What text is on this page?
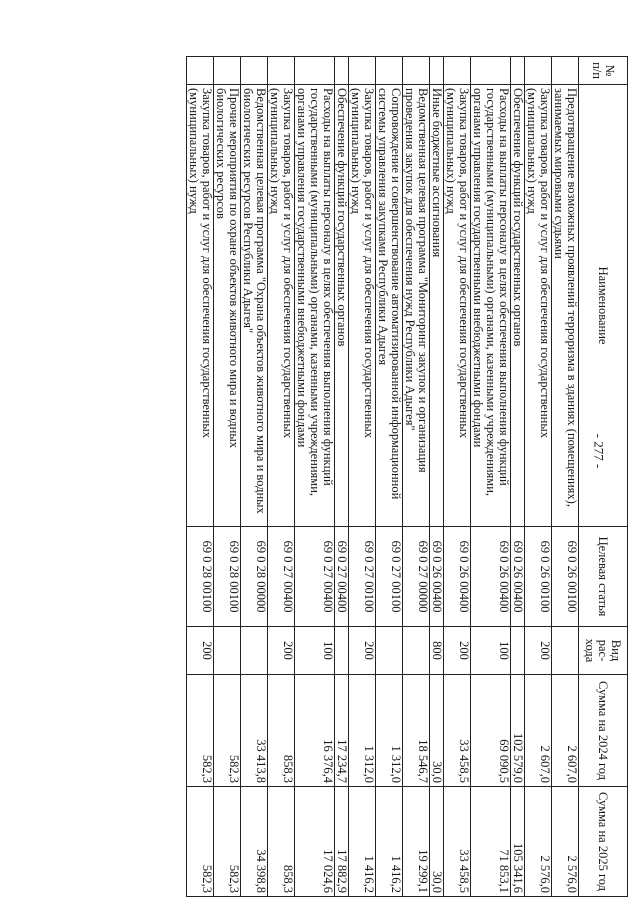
- 277 -
№ п/п	Наименование	Целевая статья	Вид рас-хода	Сумма на 2024 год	Сумма на 2025 год
	Предотвращение возможных проявлений терроризма в зданиях (помещениях), занимаемых мировыми судьями	69 0 26 00100		2 607,0	2 576,0
	Закупка товаров, работ и услуг для обеспечения государственных (муниципальных) нужд	69 0 26 00100	200	2 607,0	2 576,0
	Обеспечение функций государственных органов	69 0 26 00400		102 579,0	105 341,6
	Расходы на выплаты персоналу в целях обеспечения выполнения функций государственными (муниципальными) органами, казенными учреждениями, органами управления государственными внебюджетными фондами	69 0 26 00400	100	69 090,5	71 853,1
	Закупка товаров, работ и услуг для обеспечения государственных (муниципальных) нужд	69 0 26 00400	200	33 458,5	33 458,5
	Иные бюджетные ассигнования	69 0 26 00400	800	30,0	30,0
	Ведомственная целевая программа "Мониторинг закупок и организация проведения закупок для обеспечения нужд Республики Адыгея"	69 0 27 00000		18 546,7	19 299,1
	Сопровождение и совершенствование автоматизированной информационной системы управления закупками Республики Адыгея	69 0 27 00100		1 312,0	1 416,2
	Закупка товаров, работ и услуг для обеспечения государственных (муниципальных) нужд	69 0 27 00100	200	1 312,0	1 416,2
	Обеспечение функций государственных органов	69 0 27 00400		17 234,7	17 882,9
	Расходы на выплаты персоналу в целях обеспечения выполнения функций государственными (муниципальными) органами, казенными учреждениями, органами управления государственными внебюджетными фондами	69 0 27 00400	100	16 376,4	17 024,6
	Закупка товаров, работ и услуг для обеспечения государственных (муниципальных) нужд	69 0 27 00400	200	858,3	858,3
	Ведомственная целевая программа "Охрана объектов животного мира и водных биологических ресурсов Республики Адыгея"	69 0 28 00000		33 413,8	34 398,8
	Прочие мероприятия по охране объектов животного мира и водных биологических ресурсов	69 0 28 00100		582,3	582,3
	Закупка товаров, работ и услуг для обеспечения государственных (муниципальных) нужд	69 0 28 00100	200	582,3	582,3
